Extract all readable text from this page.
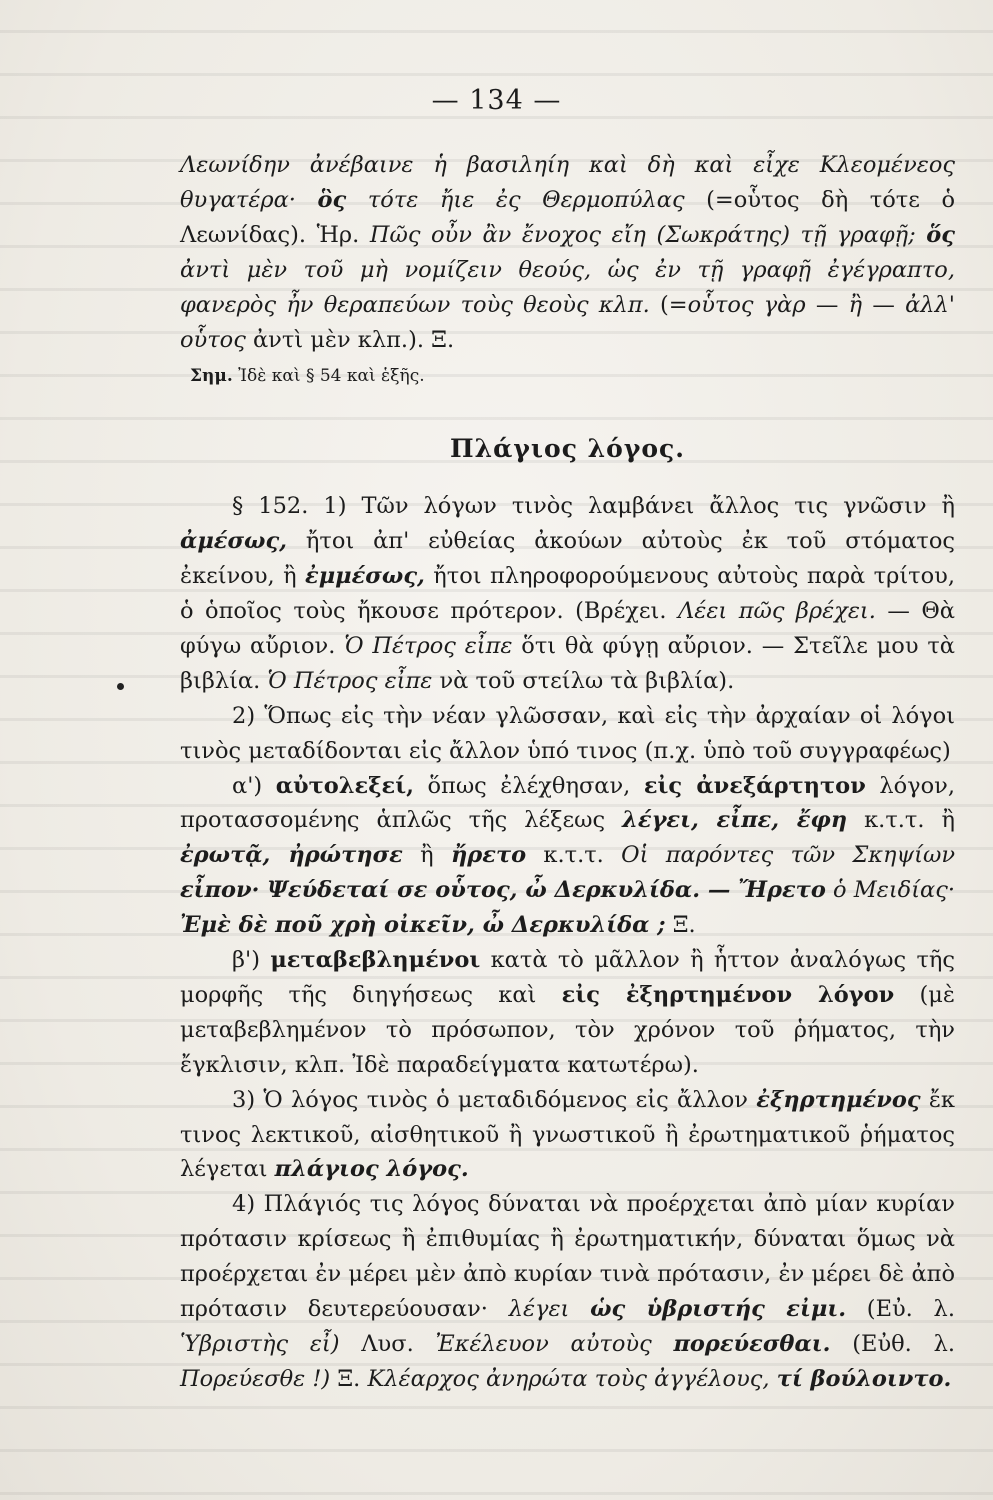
— 134 —

Λεωνίδην ἀνέβαινε ἡ βασιληίη καὶ δὴ καὶ εἶχε Κλεομένεος θυγατέρα· ὃς τότε ἤιε ἐς Θερμοπύλας (=οὗτος δὴ τότε ὁ Λεωνίδας). Ἡρ. Πῶς οὖν ἂν ἔνοχος εἴη (Σωκράτης) τῇ γραφῇ; ὅς ἀντὶ μὲν τοῦ μὴ νομίζειν θεούς, ὡς ἐν τῇ γραφῇ ἐγέγραπτο, φανερὸς ἦν θεραπεύων τοὺς θεοὺς κλπ. (=οὗτος γὰρ — ἢ — ἀλλ' οὗτος ἀντὶ μὲν κλπ.). Ξ.

Σημ. Ἰδὲ καὶ § 54 καὶ ἑξῆς.

Πλάγιος λόγος.

§ 152. 1) Τῶν λόγων τινὸς λαμβάνει ἄλλος τις γνῶσιν ἢ ἀμέσως, ἤτοι ἀπ' εὐθείας ἀκούων αὐτοὺς ἐκ τοῦ στόματος ἐκείνου, ἢ ἐμμέσως, ἤτοι πληροφορούμενους αὐτοὺς παρὰ τρίτου, ὁ ὁποῖος τοὺς ἤκουσε πρότερον. (Βρέχει. Λέει πῶς βρέχει. — Θὰ φύγω αὔριον. Ὁ Πέτρος εἶπε ὅτι θὰ φύγῃ αὔριον. — Στεῖλε μου τὰ βιβλία. Ὁ Πέτρος εἶπε νὰ τοῦ στείλω τὰ βιβλία).

2) Ὅπως εἰς τὴν νέαν γλῶσσαν, καὶ εἰς τὴν ἀρχαίαν οἱ λόγοι τινὸς μεταδίδονται εἰς ἄλλον ὑπό τινος (π.χ. ὑπὸ τοῦ συγγραφέως)

α') αὐτολεξεί, ὅπως ἐλέχθησαν, εἰς ἀνεξάρτητον λόγον, προτασσομένης ἁπλῶς τῆς λέξεως λέγει, εἶπε, ἔφη κ.τ.τ. ἢ ἐρωτᾷ, ἠρώτησε ἢ ἤρετο κ.τ.τ. Οἱ παρόντες τῶν Σκηψίων εἶπον· Ψεύδεταί σε οὗτος, ὦ Δερκυλίδα. — Ἤρετο ὁ Μειδίας· Ἐμὲ δὲ ποῦ χρὴ οἰκεῖν, ὦ Δερκυλίδα ; Ξ.

β') μεταβεβλημένοι κατὰ τὸ μᾶλλον ἢ ἧττον ἀναλόγως τῆς μορφῆς τῆς διηγήσεως καὶ εἰς ἐξηρτημένον λόγον (μὲ μεταβεβλημένον τὸ πρόσωπον, τὸν χρόνον τοῦ ῥήματος, τὴν ἔγκλισιν, κλπ. Ἰδὲ παραδείγματα κατωτέρω).

3) Ὁ λόγος τινὸς ὁ μεταδιδόμενος εἰς ἄλλον ἐξηρτημένος ἔκ τινος λεκτικοῦ, αἰσθητικοῦ ἢ γνωστικοῦ ἢ ἐρωτηματικοῦ ῥήματος λέγεται πλάγιος λόγος.

4) Πλάγιός τις λόγος δύναται νὰ προέρχεται ἀπὸ μίαν κυρίαν πρότασιν κρίσεως ἢ ἐπιθυμίας ἢ ἐρωτηματικήν, δύναται ὅμως νὰ προέρχεται ἐν μέρει μὲν ἀπὸ κυρίαν τινὰ πρότασιν, ἐν μέρει δὲ ἀπὸ πρότασιν δευτερεύουσαν· λέγει ὡς ὑβριστής εἰμι. (Εὐ. λ. Ὑβριστὴς εἶ) Λυσ. Ἐκέλευον αὐτοὺς πορεύεσθαι. (Εὐθ. λ. Πορεύεσθε !) Ξ. Κλέαρχος ἀνηρώτα τοὺς ἀγγέλους, τί βούλοιντο.
